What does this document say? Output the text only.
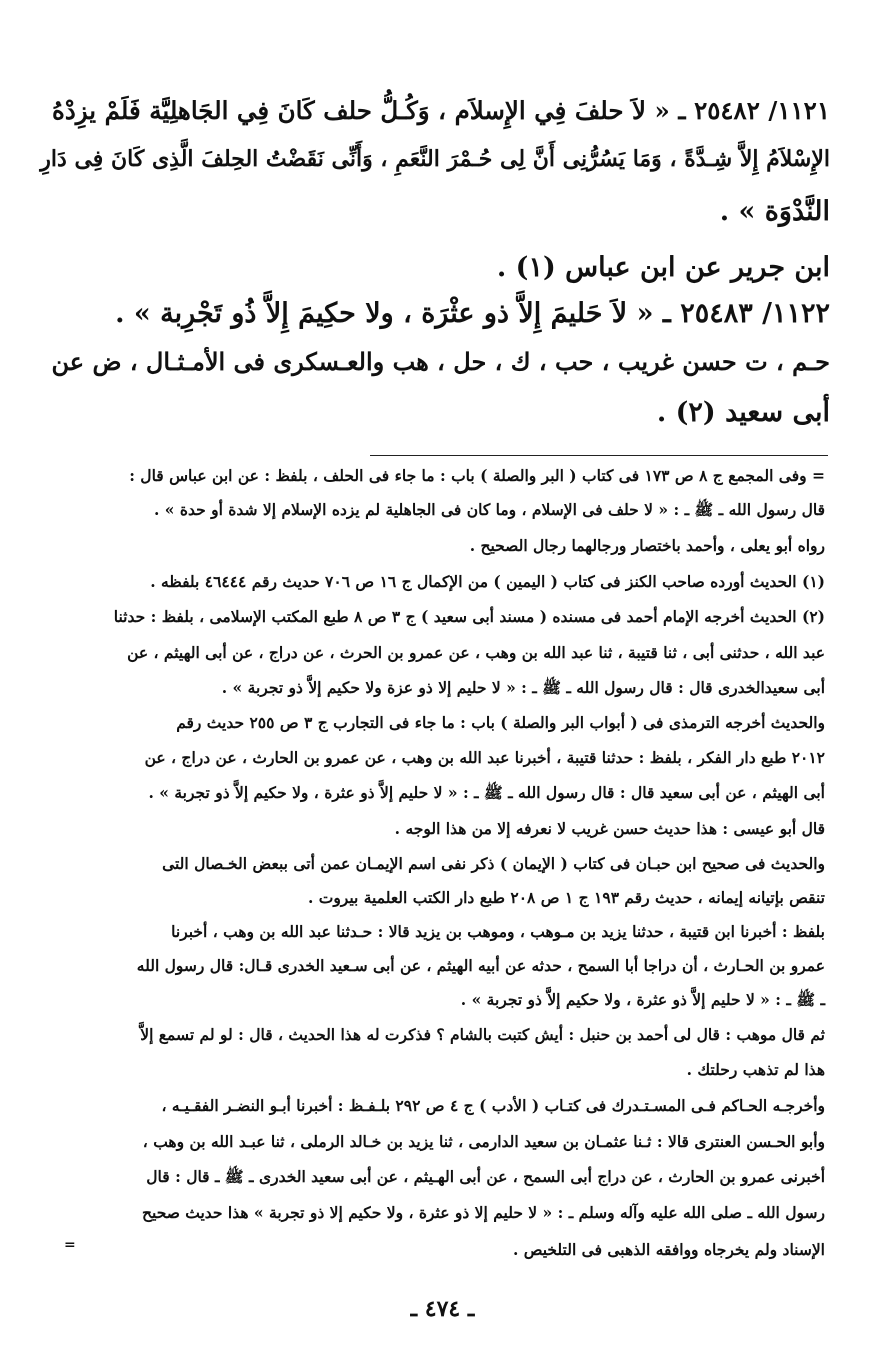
١١٢١/ ٢٥٤٨٢ ـ « لاَ حلفَ فِي الإِسلاَم ، وَكُـلُّ حلف كَانَ فِي الجَاهلِيَّة فَلَمْ يزِدْهُ
الإِسْلاَمُ إِلاَّ شِـدَّةً ، وَمَا يَسُرُّنِى أَنَّ لِى حُـمْرَ النَّعَمِ ، وَأَنِّى نَقَضْتُ الحِلفَ الَّذِى كَانَ فِى دَارِ
النَّدْوَة » .
ابن جرير عن ابن عباس (١) .
١١٢٢/ ٢٥٤٨٣ ـ « لاَ حَليمَ إِلاَّ ذو عثْرَة ، ولا حكِيمَ إِلاَّ ذُو تَجْرِبة » .
حـم ، ت حسن غريب ، حب ، ك ، حل ، هب والعـسكرى فى الأمـثـال ، ض عن
أبى سعيد (٢) .
= وفى المجمع ج ٨ ص ١٧٣ فى كتاب ( البر والصلة ) باب : ما جاء فى الحلف ، بلفظ : عن ابن عباس قال :
قال رسول الله ـ ﷺ ـ : « لا حلف فى الإسلام ، وما كان فى الجاهلية لم يزده الإسلام إلا شدة أو حدة » .
رواه أبو يعلى ، وأحمد باختصار ورجالهما رجال الصحيح .
(١) الحديث أورده صاحب الكنز فى كتاب ( اليمين ) من الإكمال ج ١٦ ص ٧٠٦ حديث رقم ٤٦٤٤٤ بلفظه .
(٢) الحديث أخرجه الإمام أحمد فى مسنده ( مسند أبى سعيد ) ج ٣ ص ٨ طبع المكتب الإسلامى ، بلفظ : حدثنا
عبد الله ، حدثنى أبى ، ثنا قتيبة ، ثنا عبد الله بن وهب ، عن عمرو بن الحرث ، عن دراج ، عن أبى الهيثم ، عن
أبى سعيدالخدرى قال : قال رسول الله ـ ﷺ ـ : « لا حليم إلا ذو عزة ولا حكيم إلاَّ ذو تجربة » .
والحديث أخرجه الترمذى فى ( أبواب البر والصلة ) باب : ما جاء فى التجارب ج ٣ ص ٢٥٥ حديث رقم
٢٠١٢ طبع دار الفكر ، بلفظ : حدثنا قتيبة ، أخبرنا عبد الله بن وهب ، عن عمرو بن الحارث ، عن دراج ، عن
أبى الهيثم ، عن أبى سعيد قال : قال رسول الله ـ ﷺ ـ : « لا حليم إلاَّ ذو عثرة ، ولا حكيم إلاَّ ذو تجربة » .
قال أبو عيسى : هذا حديث حسن غريب لا نعرفه إلا من هذا الوجه .
والحديث فى صحيح ابن حبـان فى كتاب ( الإيمان ) ذكر نفى اسم الإيمـان عمن أتى ببعض الخـصال التى
تنقص بإتيانه إيمانه ، حديث رقم ١٩٣ ج ١ ص ٢٠٨ طبع دار الكتب العلمية بيروت .
بلفظ : أخبرنا ابن قتيبة ، حدثنا يزيد بن مـوهب ، وموهب بن يزيد قالا : حـدثنا عبد الله بن وهب ، أخبرنا
عمرو بن الحـارث ، أن دراجا أبا السمح ، حدثه عن أبيه الهيثم ، عن أبى سـعيد الخدرى قـال: قال رسول الله
ـ ﷺ ـ : « لا حليم إلاَّ ذو عثرة ، ولا حكيم إلاَّ ذو تجربة » .
ثم قال موهب : قال لى أحمد بن حنبل : أيش كتبت بالشام ؟ فذكرت له هذا الحديث ، قال : لو لم تسمع إلاَّ
هذا لم تذهب رحلتك .
وأخرجـه الحـاكم فـى المسـتـدرك فى كتـاب ( الأدب ) ج ٤ ص ٢٩٢ بلـفـظ : أخبرنا أبـو النضـر الفقـيـه ،
وأبو الحـسن العنترى قالا : ثـنا عثمـان بن سعيد الدارمى ، ثنا يزيد بن خـالد الرملى ، ثنا عبـد الله بن وهب ،
أخبرنى عمرو بن الحارث ، عن دراج أبى السمح ، عن أبى الهـيثم ، عن أبى سعيد الخدرى ـ ﷺ ـ قال : قال
رسول الله ـ صلى الله عليه وآله وسلم ـ : « لا حليم إلا ذو عثرة ، ولا حكيم إلا ذو تجربة » هذا حديث صحيح
الإسناد ولم يخرجاه ووافقه الذهبى فى التلخيص .
=
ـ ٤٧٤ ـ
